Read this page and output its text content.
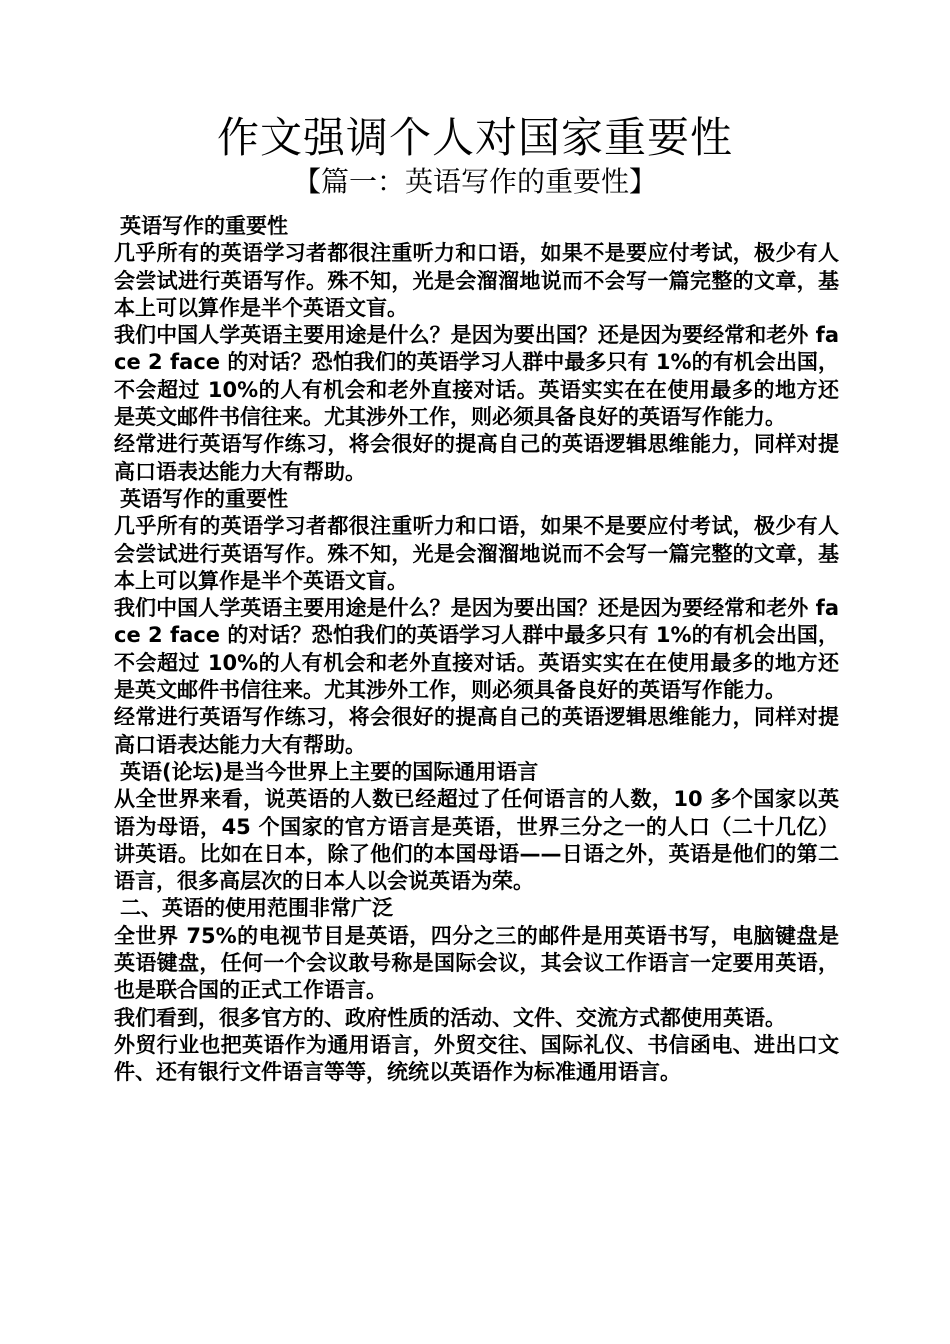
作文强调个人对国家重要性
【篇一：英语写作的重要性】

英语写作的重要性

几乎所有的英语学习者都很注重听力和口语，如果不是要应付考试，极少有人会尝试进行英语写作。殊不知，光是会溜溜地说而不会写一篇完整的文章，基本上可以算作是半个英语文盲。

我们中国人学英语主要用途是什么？是因为要出国？还是因为要经常和老外 face 2 face 的对话？恐怕我们的英语学习人群中最多只有 1%的有机会出国，不会超过 10%的人有机会和老外直接对话。英语实实在在使用最多的地方还是英文邮件书信往来。尤其涉外工作，则必须具备良好的英语写作能力。

经常进行英语写作练习，将会很好的提高自己的英语逻辑思维能力，同样对提高口语表达能力大有帮助。

英语写作的重要性

几乎所有的英语学习者都很注重听力和口语，如果不是要应付考试，极少有人会尝试进行英语写作。殊不知，光是会溜溜地说而不会写一篇完整的文章，基本上可以算作是半个英语文盲。

我们中国人学英语主要用途是什么？是因为要出国？还是因为要经常和老外 face 2 face 的对话？恐怕我们的英语学习人群中最多只有 1%的有机会出国，不会超过 10%的人有机会和老外直接对话。英语实实在在使用最多的地方还是英文邮件书信往来。尤其涉外工作，则必须具备良好的英语写作能力。

经常进行英语写作练习，将会很好的提高自己的英语逻辑思维能力，同样对提高口语表达能力大有帮助。

英语(论坛)是当今世界上主要的国际通用语言

从全世界来看，说英语的人数已经超过了任何语言的人数，10 多个国家以英语为母语，45 个国家的官方语言是英语，世界三分之一的人口（二十几亿）讲英语。比如在日本，除了他们的本国母语——日语之外，英语是他们的第二语言，很多高层次的日本人以会说英语为荣。

二、英语的使用范围非常广泛

全世界 75%的电视节目是英语，四分之三的邮件是用英语书写，电脑键盘是英语键盘，任何一个会议敢号称是国际会议，其会议工作语言一定要用英语，也是联合国的正式工作语言。

我们看到，很多官方的、政府性质的活动、文件、交流方式都使用英语。

外贸行业也把英语作为通用语言，外贸交往、国际礼仪、书信函电、进出口文件、还有银行文件语言等等，统统以英语作为标准通用语言。
